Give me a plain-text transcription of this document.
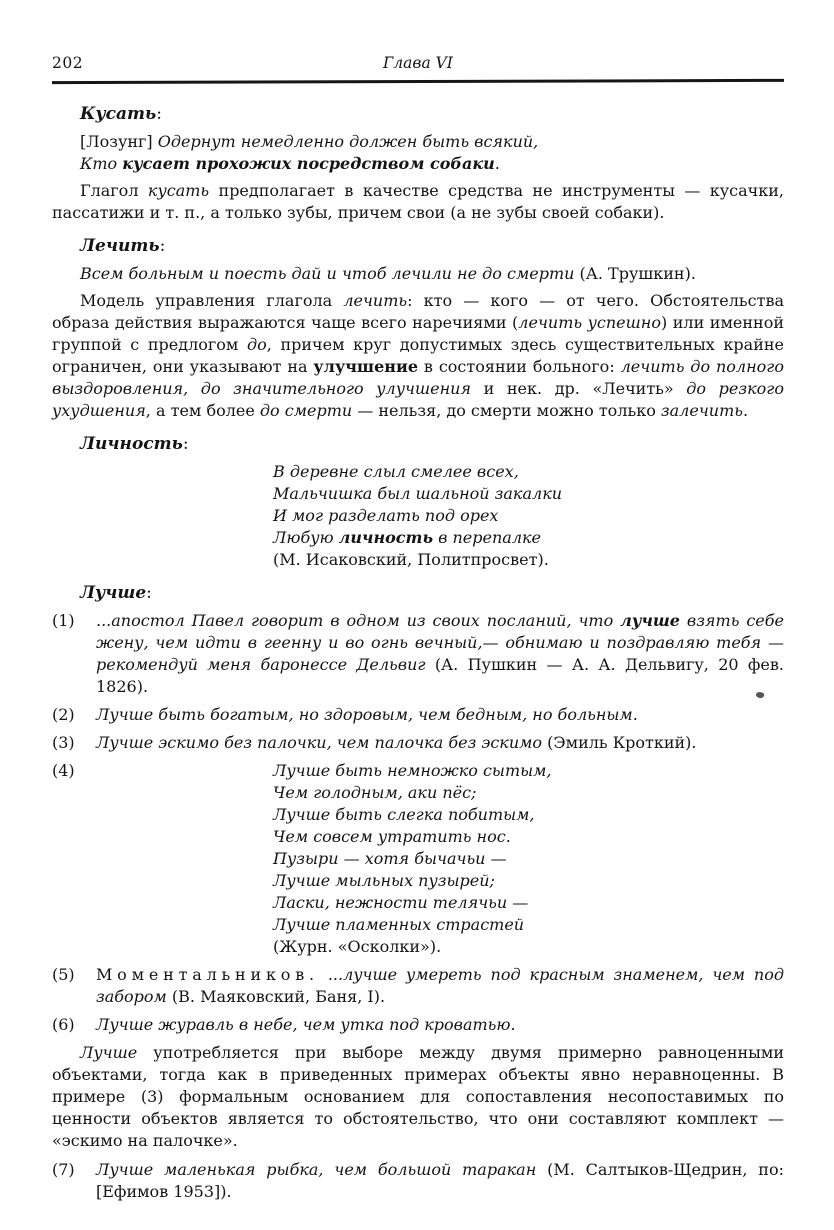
202	Глава VI
Кусать:
[Лозунг] Одернут немедленно должен быть всякий,
Кто кусает прохожих посредством собаки.
Глагол кусать предполагает в качестве средства не инструменты — кусачки, пассатижи и т. п., а только зубы, причем свои (а не зубы своей собаки).
Лечить:
Всем больным и поесть дай и чтоб лечили не до смерти (А. Трушкин).
Модель управления глагола лечить: кто — кого — от чего. Обстоятельства образа действия выражаются чаще всего наречиями (лечить успешно) или именной группой с предлогом до, причем круг допустимых здесь существительных крайне ограничен, они указывают на улучшение в состоянии больного: лечить до полного выздоровления, до значительного улучшения и нек. др. «Лечить» до резкого ухудшения, а тем более до смерти — нельзя, до смерти можно только залечить.
Личность:
В деревне слыл смелее всех,
Мальчишка был шальной закалки
И мог разделать под орех
Любую личность в перепалке
(М. Исаковский, Политпросвет).
Лучше:
(1)	...апостол Павел говорит в одном из своих посланий, что лучше взять себе жену, чем идти в геенну и во огнь вечный,— обнимаю и поздравляю тебя — рекомендуй меня баронессе Дельвиг (А. Пушкин — А. А. Дельвигу, 20 фев. 1826).
(2)	Лучше быть богатым, но здоровым, чем бедным, но больным.
(3)	Лучше эскимо без палочки, чем палочка без эскимо (Эмиль Кроткий).
(4)	Лучше быть немножко сытым,
Чем голодным, аки пёс;
Лучше быть слегка побитым,
Чем совсем утратить нос.
Пузыри — хотя бычачьи —
Лучше мыльных пузырей;
Ласки, нежности телячьи —
Лучше пламенных страстей
(Журн. «Осколки»).
(5)	Моментальников. ...лучше умереть под красным знаменем, чем под забором (В. Маяковский, Баня, I).
(6)	Лучше журавль в небе, чем утка под кроватью.
Лучше употребляется при выборе между двумя примерно равноценными объектами, тогда как в приведенных примерах объекты явно неравноценны. В примере (3) формальным основанием для сопоставления несопоставимых по ценности объектов является то обстоятельство, что они составляют комплект — «эскимо на палочке».
(7)	Лучше маленькая рыбка, чем большой таракан (М. Салтыков-Щедрин, по: [Ефимов 1953]).
